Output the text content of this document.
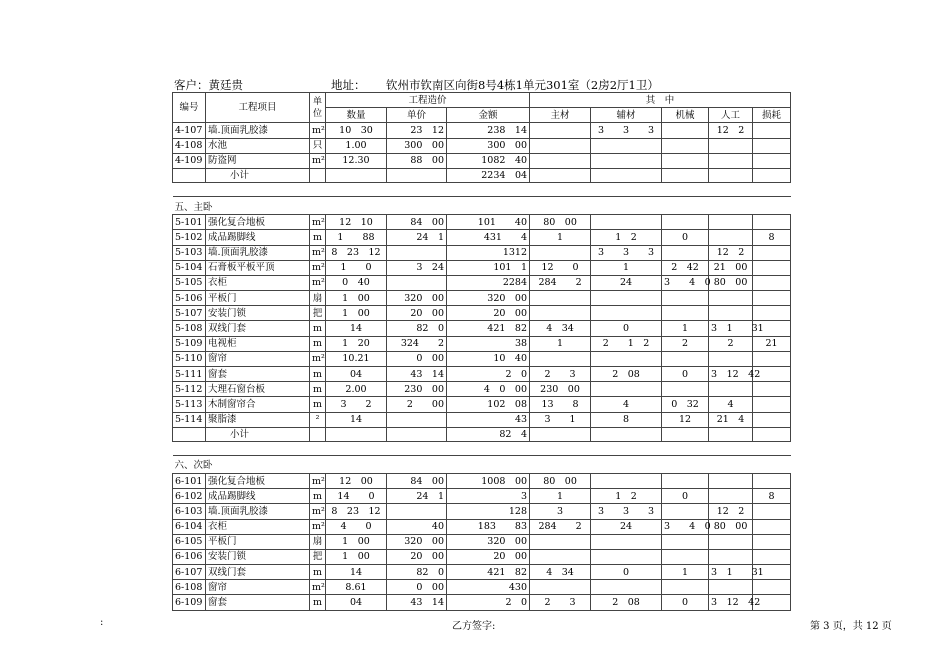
客户：黄廷贵	地址： 钦州市钦南区向街8号4栋1单元301室（2房2厅1卫）
编号	工程项目	单位	工程造价			其　中				
			数量	单价	金额	主材	辅材	机械	人工	损耗
4-107	墙.顶面乳胶漆	m²	10　30	23　12	238　14		3　　3　　3		12　2	
4-108	水池	只	1.00	300　00	300　00					
4-109	防盗网	m²	12.30	88　00	1082　40					
	小计				2234　04					

五、主卧										
5-101	强化复合地板	m²	12　10	84　00	101　　40	80　00				
5-102	成品踢脚线	m	1　　88	24　1	431　　4	1	1　2	0		8
5-103	墙.顶面乳胶漆	m²	8　23　12		1312		3　　3　　3		12　2	
5-104	石膏板平板平顶	m²	1　　0	3　24	101　1	12　　0	1	2　42	21　00	
5-105	衣柜	m²	0　40		2284	284　　2	24	3　　4　0	80　00	
5-106	平板门	扇	1　00	320　00	320　00					
5-107	安装门锁	把	1　00	20　00	20　00					
5-108	双线门套	m	14	82　0	421　82	4　34	0	1	3　1　　31	
5-109	电视柜	m	1　20	324　　2	38	1	2　　1　2	2	2	21
5-110	窗帘	m²	10.21	0　00	10　40					
5-111	窗套	m	04	43　14	2　0	2　　3	2　08	0	3　12　42	
5-112	大理石窗台板	m	2.00	230　00	4　0　00	230　00				
5-113	木制窗帘合	m	3　　2	2　　00	102　08	13　　8	4	0　32	4	
5-114	聚脂漆	²	14		43	3　　1	8	12	21　4	
	小计				82　4					

六、次卧										
6-101	强化复合地板	m²	12　00	84　00	1008　00	80　00				
6-102	成品踢脚线	m	14　　0	24　1	3	1	1　2	0		8
6-103	墙.顶面乳胶漆	m²	8　23　12		128	3	3　　3　　3		12　2	
6-104	衣柜	m²	4　　0	40	183　　83	284　　2	24	3　　4　0	80　00	
6-105	平板门	扇	1　00	320　00	320　00					
6-106	安装门锁	把	1　00	20　00	20　00					
6-107	双线门套	m	14	82　0	421　82	4　34	0	1	3　1　　31	
6-108	窗帘	m²	8.61	0　00	430					
6-109	窗套	m	04	43　14	2　0	2　　3	2　08	0	3　12　42	
:	乙方签字:	第 3 页，共 12 页
